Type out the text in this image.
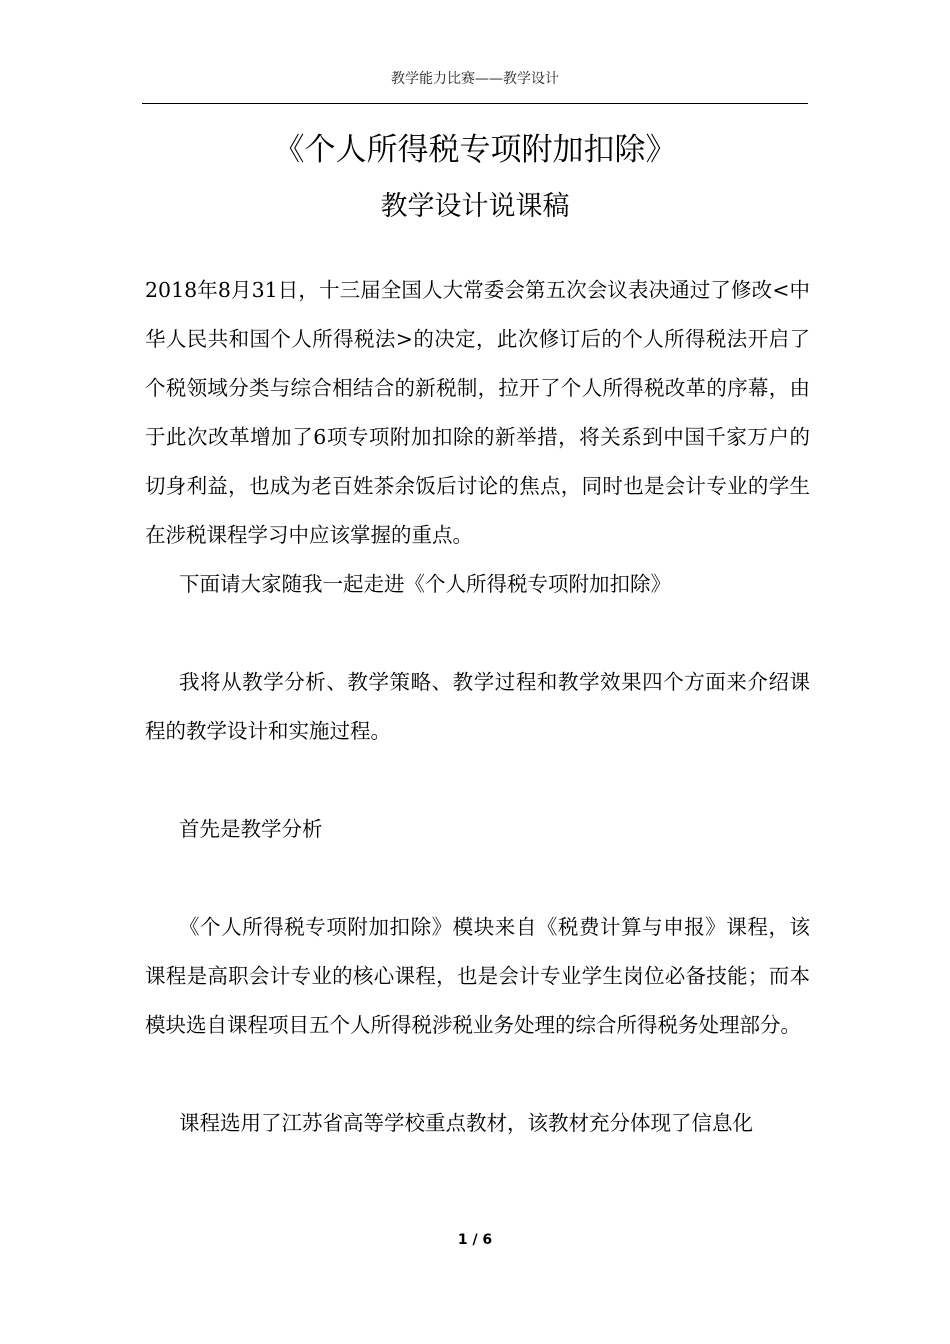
教学能力比赛——教学设计
《个人所得税专项附加扣除》
教学设计说课稿

2018年8月31日，十三届全国人大常委会第五次会议表决通过了修改<中华人民共和国个人所得税法>的决定，此次修订后的个人所得税法开启了个税领域分类与综合相结合的新税制，拉开了个人所得税改革的序幕，由于此次改革增加了6项专项附加扣除的新举措，将关系到中国千家万户的切身利益，也成为老百姓茶余饭后讨论的焦点，同时也是会计专业的学生在涉税课程学习中应该掌握的重点。

下面请大家随我一起走进《个人所得税专项附加扣除》

我将从教学分析、教学策略、教学过程和教学效果四个方面来介绍课程的教学设计和实施过程。

首先是教学分析

《个人所得税专项附加扣除》模块来自《税费计算与申报》课程，该课程是高职会计专业的核心课程，也是会计专业学生岗位必备技能；而本模块选自课程项目五个人所得税涉税业务处理的综合所得税务处理部分。

课程选用了江苏省高等学校重点教材，该教材充分体现了信息化

1 / 6
